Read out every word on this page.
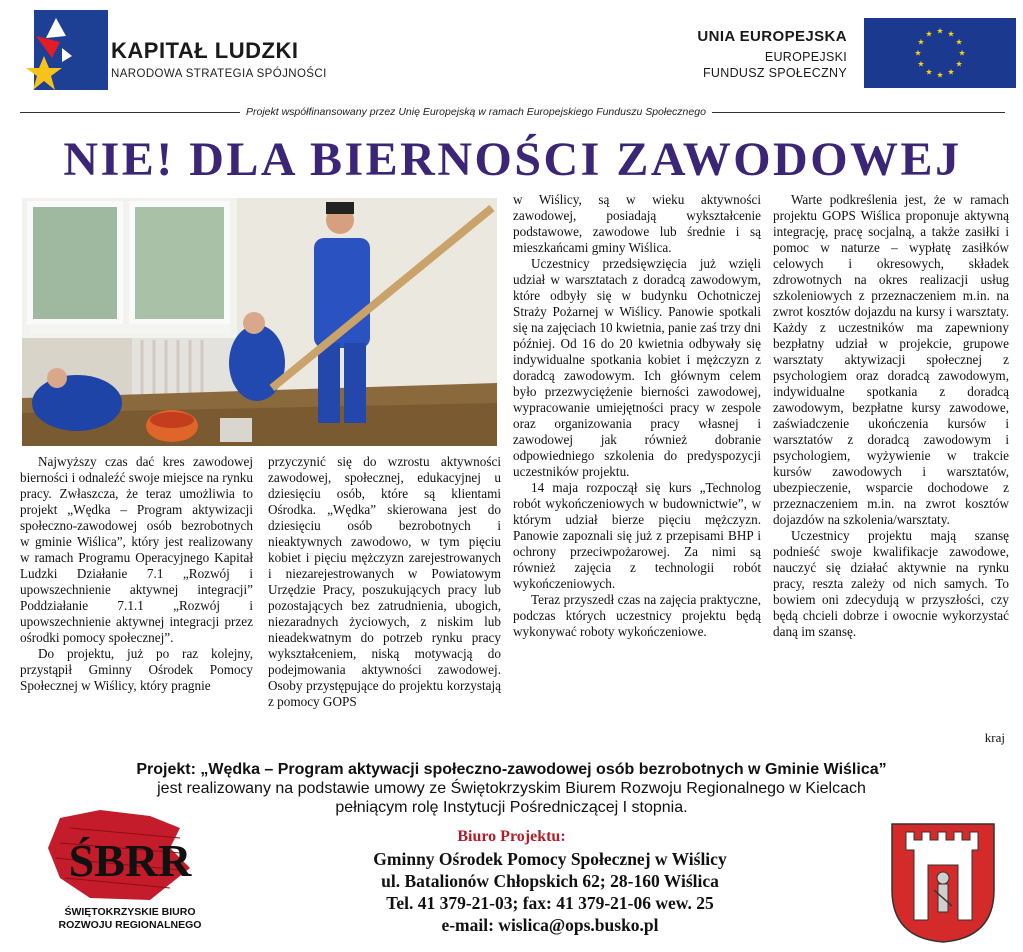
KAPITAŁ LUDZKI
NARODOWA STRATEGIA SPÓJNOŚCI
UNIA EUROPEJSKA
EUROPEJSKI
FUNDUSZ SPOŁECZNY
Projekt współfinansowany przez Unię Europejską w ramach Europejskiego Funduszu Społecznego
NIE! DLA BIERNOŚCI ZAWODOWEJ

Najwyższy czas dać kres zawodowej bierności i odnaleźć swoje miejsce na rynku pracy. Zwłaszcza, że teraz umożliwia to projekt „Wędka – Program aktywizacji społeczno-zawodowej osób bezrobotnych w gminie Wiślica”, który jest realizowany w ramach Programu Operacyjnego Kapitał Ludzki Działanie 7.1 „Rozwój i upowszechnienie aktywnej integracji” Poddziałanie 7.1.1 „Rozwój i upowszechnienie aktywnej integracji przez ośrodki pomocy społecznej”.

Do projektu, już po raz kolejny, przystąpił Gminny Ośrodek Pomocy Społecznej w Wiślicy, który pragnie

przyczynić się do wzrostu aktywności zawodowej, społecznej, edukacyjnej u dziesięciu osób, które są klientami Ośrodka. „Wędka” skierowana jest do dziesięciu osób bezrobotnych i nieaktywnych zawodowo, w tym pięciu kobiet i pięciu mężczyzn zarejestrowanych i niezarejestrowanych w Powiatowym Urzędzie Pracy, poszukujących pracy lub pozostających bez zatrudnienia, ubogich, niezaradnych życiowych, z niskim lub nieadekwatnym do potrzeb rynku pracy wykształceniem, niską motywacją do podejmowania aktywności zawodowej. Osoby przystępujące do projektu korzystają z pomocy GOPS

w Wiślicy, są w wieku aktywności zawodowej, posiadają wykształcenie podstawowe, zawodowe lub średnie i są mieszkańcami gminy Wiślica.

Uczestnicy przedsięwzięcia już wzięli udział w warsztatach z doradcą zawodowym, które odbyły się w budynku Ochotniczej Straży Pożarnej w Wiślicy. Panowie spotkali się na zajęciach 10 kwietnia, panie zaś trzy dni później. Od 16 do 20 kwietnia odbywały się indywidualne spotkania kobiet i mężczyzn z doradcą zawodowym. Ich głównym celem było przezwyciężenie bierności zawodowej, wypracowanie umiejętności pracy w zespole oraz organizowania pracy własnej i zawodowej jak również dobranie odpowiedniego szkolenia do predyspozycji uczestników projektu.

14 maja rozpoczął się kurs „Technolog robót wykończeniowych w budownictwie”, w którym udział bierze pięciu mężczyzn. Panowie zapoznali się już z przepisami BHP i ochrony przeciwpożarowej. Za nimi są również zajęcia z technologii robót wykończeniowych.

Teraz przyszedł czas na zajęcia praktyczne, podczas których uczestnicy projektu będą wykonywać roboty wykończeniowe.

Warte podkreślenia jest, że w ramach projektu GOPS Wiślica proponuje aktywną integrację, pracę socjalną, a także zasiłki i pomoc w naturze – wypłatę zasiłków celowych i okresowych, składek zdrowotnych na okres realizacji usług szkoleniowych z przeznaczeniem m.in. na zwrot kosztów dojazdu na kursy i warsztaty. Każdy z uczestników ma zapewniony bezpłatny udział w projekcie, grupowe warsztaty aktywizacji społecznej z psychologiem oraz doradcą zawodowym, indywidualne spotkania z doradcą zawodowym, bezpłatne kursy zawodowe, zaświadczenie ukończenia kursów i warsztatów z doradcą zawodowym i psychologiem, wyżywienie w trakcie kursów zawodowych i warsztatów, ubezpieczenie, wsparcie dochodowe z przeznaczeniem m.in. na zwrot kosztów dojazdów na szkolenia/warsztaty.

Uczestnicy projektu mają szansę podnieść swoje kwalifikacje zawodowe, nauczyć się działać aktywnie na rynku pracy, reszta zależy od nich samych. To bowiem oni zdecydują w przyszłości, czy będą chcieli dobrze i owocnie wykorzystać daną im szansę.

kraj
Projekt: „Wędka – Program aktywacji społeczno-zawodowej osób bezrobotnych w Gminie Wiślica”
jest realizowany na podstawie umowy ze Świętokrzyskim Biurem Rozwoju Regionalnego w Kielcach
pełniącym rolę Instytucji Pośredniczącej I stopnia.
ŚBRR
ŚWIĘTOKRZYSKIE BIURO
ROZWOJU REGIONALNEGO
Biuro Projektu:
Gminny Ośrodek Pomocy Społecznej w Wiślicy
ul. Batalionów Chłopskich 62; 28-160 Wiślica
Tel. 41 379-21-03; fax: 41 379-21-06 wew. 25
e-mail: wislica@ops.busko.pl
